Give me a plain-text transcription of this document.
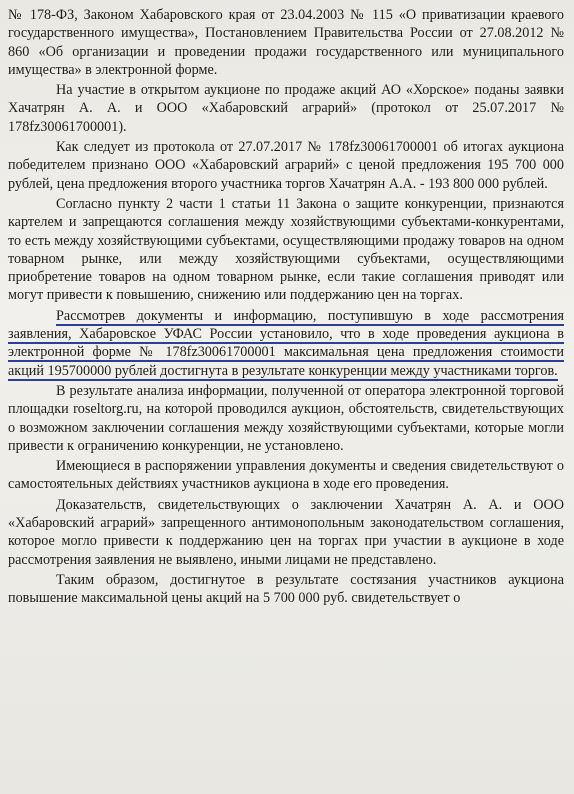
№ 178-ФЗ, Законом Хабаровского края от 23.04.2003 № 115 «О приватизации краевого государственного имущества», Постановлением Правительства России от 27.08.2012 № 860 «Об организации и проведении продажи государственного или муниципального имущества» в электронной форме.

На участие в открытом аукционе по продаже акций АО «Хорское» поданы заявки Хачатрян А. А. и ООО «Хабаровский аграрий» (протокол от 25.07.2017 № 178fz30061700001).

Как следует из протокола от 27.07.2017 № 178fz30061700001 об итогах аукциона победителем признано ООО «Хабаровский аграрий» с ценой предложения 195 700 000 рублей, цена предложения второго участника торгов Хачатрян А.А. - 193 800 000 рублей.

Согласно пункту 2 части 1 статьи 11 Закона о защите конкуренции, признаются картелем и запрещаются соглашения между хозяйствующими субъектами-конкурентами, то есть между хозяйствующими субъектами, осуществляющими продажу товаров на одном товарном рынке, или между хозяйствующими субъектами, осуществляющими приобретение товаров на одном товарном рынке, если такие соглашения приводят или могут привести к повышению, снижению или поддержанию цен на торгах.

Рассмотрев документы и информацию, поступившую в ходе рассмотрения заявления, Хабаровское УФАС России установило, что в ходе проведения аукциона в электронной форме № 178fz30061700001 максимальная цена предложения стоимости акций 195700000 рублей достигнута в результате конкуренции между участниками торгов.

В результате анализа информации, полученной от оператора электронной торговой площадки roseltorg.ru, на которой проводился аукцион, обстоятельств, свидетельствующих о возможном заключении соглашения между хозяйствующими субъектами, которые могли привести к ограничению конкуренции, не установлено.

Имеющиеся в распоряжении управления документы и сведения свидетельствуют о самостоятельных действиях участников аукциона в ходе его проведения.

Доказательств, свидетельствующих о заключении Хачатрян А. А. и ООО «Хабаровский аграрий» запрещенного антимонопольным законодательством соглашения, которое могло привести к поддержанию цен на торгах при участии в аукционе в ходе рассмотрения заявления не выявлено, иными лицами не представлено.

Таким образом, достигнутое в результате состязания участников аукциона повышение максимальной цены акций на 5 700 000 руб. свидетельствует о
